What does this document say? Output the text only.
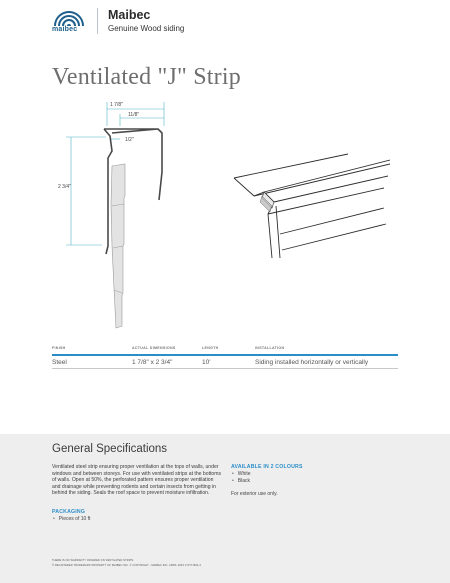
maibec
Maibec
Genuine Wood siding
Ventilated "J" Strip
1 7/8"
11/8"
1/2"
2 3/4"
FINISH	ACTUAL DIMENSIONS	LENGTH	INSTALLATION
Steel	1 7/8" x 2 3/4"	10'	Siding installed horizontally or vertically
General Specifications
Ventilated steel strip ensuring proper ventilation at the tops of walls, under windows and between storeys. For use with ventilated strips at the bottoms of walls. Open at 50%, the perforated pattern ensures proper ventilation and drainage while preventing rodents and certain insects from getting in behind the siding. Seals the roof space to prevent moisture infiltration.
PACKAGING
• Pieces of 10 ft
AVAILABLE IN 2 COLOURS
• White
• Black
For exterior use only.
THERE IS NO WARRANTY OFFERED ON VENTILATED STRIPS.
® REGISTERED TRADEMARK PROPERTY OF MAIBEC INC. © COPYRIGHT - MAIBEC INC. APRIL 2023 V-ST7J624-3
